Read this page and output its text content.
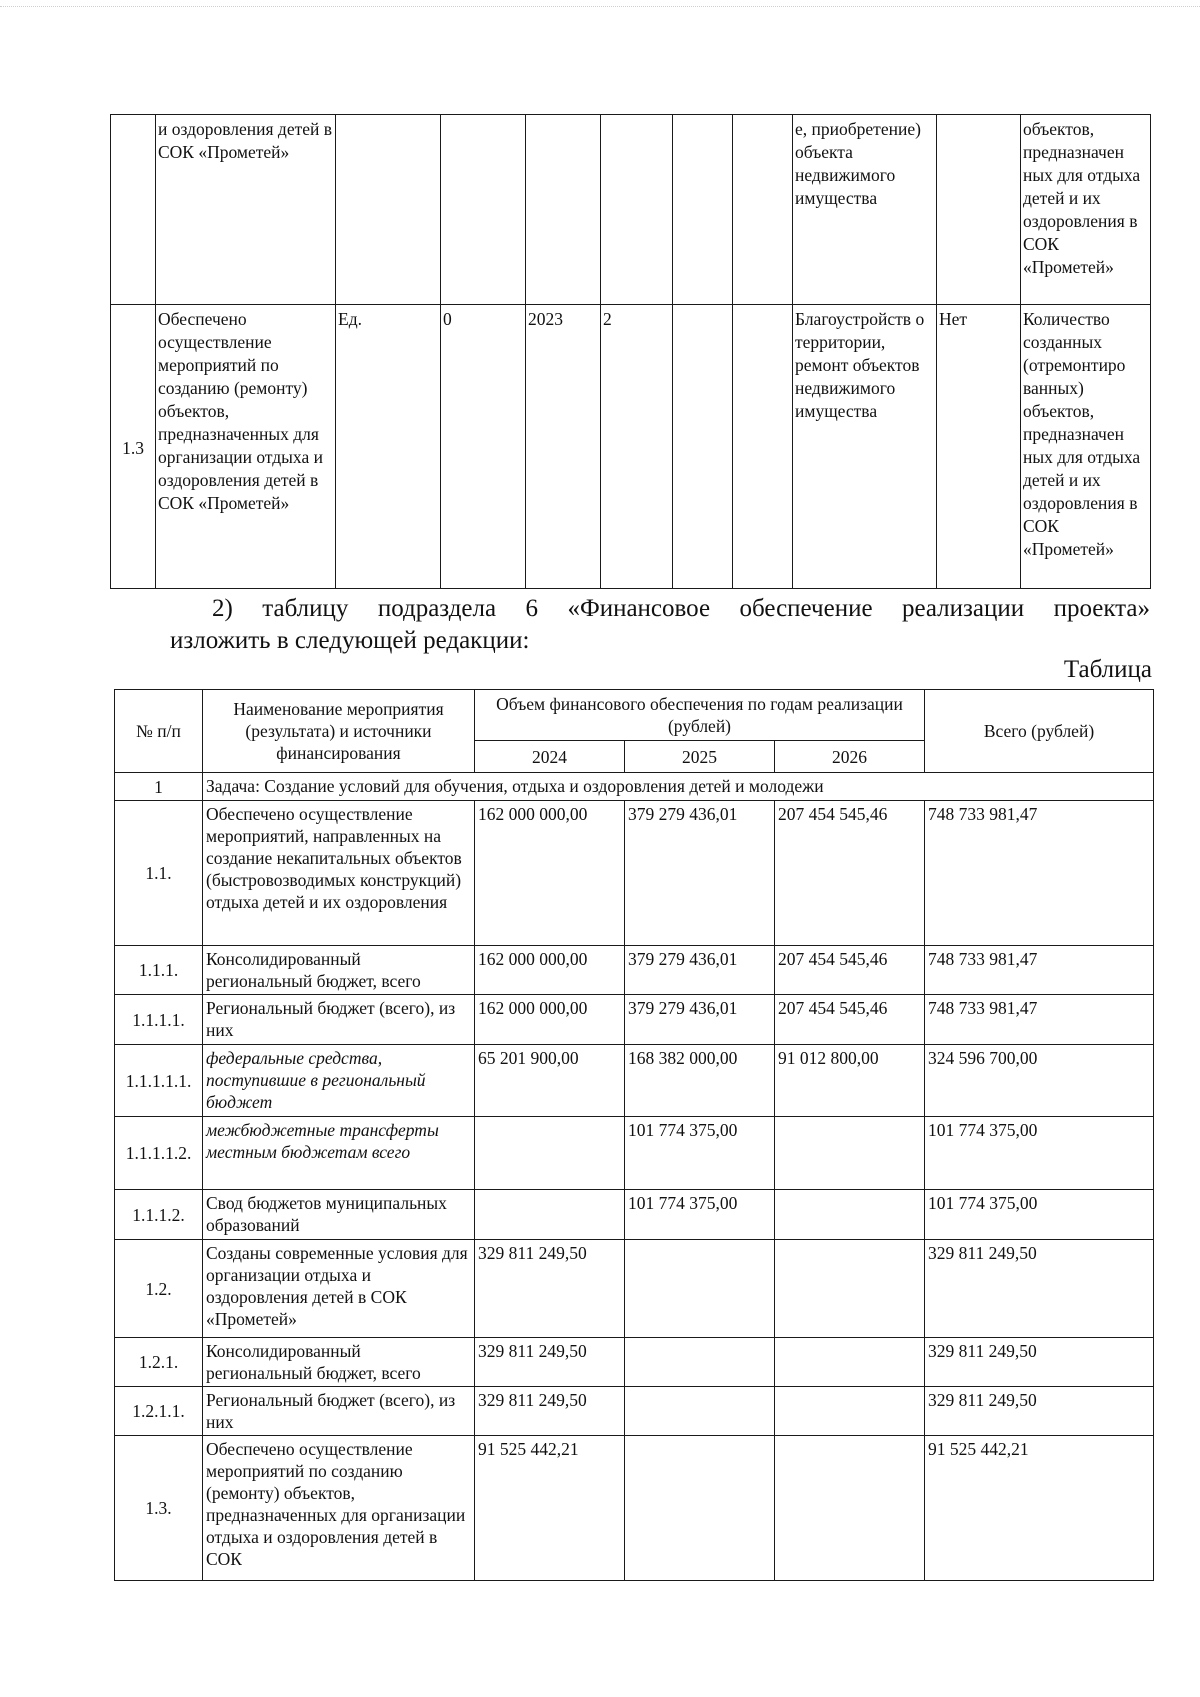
	и оздоровления детей в СОК «Прометей»							е, приобретение) объекта недвижимого имущества		объектов, предназначен ных для отдыха детей и их оздоровления в СОК «Прометей»
1.3	Обеспечено осуществление мероприятий по созданию (ремонту) объектов, предназначенных для организации отдыха и оздоровления детей в СОК «Прометей»	Ед.	0	2023	2			Благоустройств о территории, ремонт объектов недвижимого имущества	Нет	Количество созданных (отремонтиро ванных) объектов, предназначен ных для отдыха детей и их оздоровления в СОК «Прометей»
2) таблицу подраздела 6 «Финансовое обеспечение реализации проекта»
изложить в следующей редакции:
Таблица
№ п/п	Наименование мероприятия (результата) и источники финансирования	Объем финансового обеспечения по годам реализации (рублей)			Всего (рублей)
		2024	2025	2026	
1	Задача: Создание условий для обучения, отдыха и оздоровления детей и молодежи				
1.1.	Обеспечено осуществление мероприятий, направленных на создание некапитальных объектов (быстровозводимых конструкций) отдыха детей и их оздоровления	162 000 000,00	379 279 436,01	207 454 545,46	748 733 981,47
1.1.1.	Консолидированный региональный бюджет, всего	162 000 000,00	379 279 436,01	207 454 545,46	748 733 981,47
1.1.1.1.	Региональный бюджет (всего), из них	162 000 000,00	379 279 436,01	207 454 545,46	748 733 981,47
1.1.1.1.1.	федеральные средства, поступившие в региональный бюджет	65 201 900,00	168 382 000,00	91 012 800,00	324 596 700,00
1.1.1.1.2.	межбюджетные трансферты местным бюджетам всего		101 774 375,00		101 774 375,00
1.1.1.2.	Свод бюджетов муниципальных образований		101 774 375,00		101 774 375,00
1.2.	Созданы современные условия для организации отдыха и оздоровления детей в СОК «Прометей»	329 811 249,50			329 811 249,50
1.2.1.	Консолидированный региональный бюджет, всего	329 811 249,50			329 811 249,50
1.2.1.1.	Региональный бюджет (всего), из них	329 811 249,50			329 811 249,50
1.3.	Обеспечено осуществление мероприятий по созданию (ремонту) объектов, предназначенных для организации отдыха и оздоровления детей в СОК	91 525 442,21			91 525 442,21
